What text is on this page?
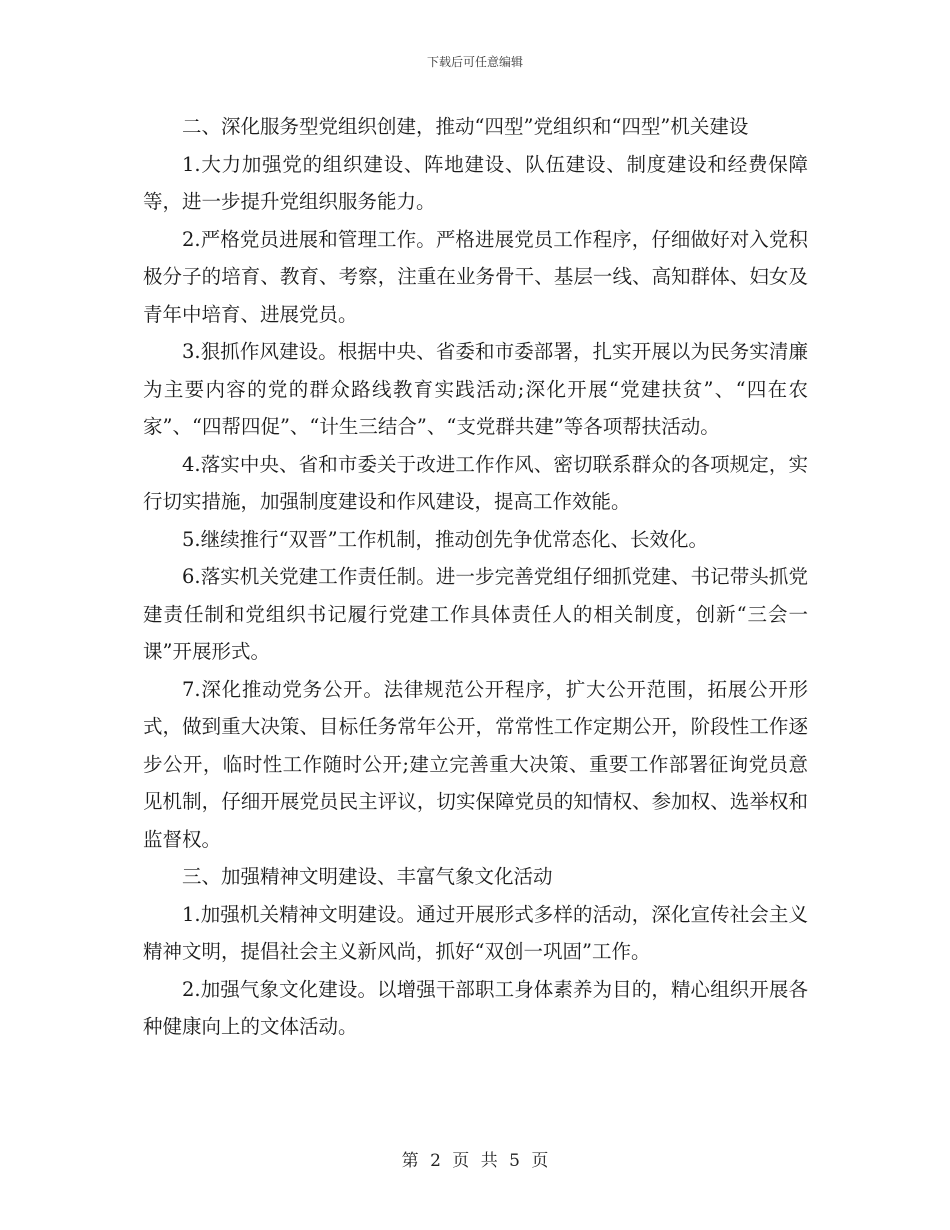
下载后可任意编辑

二、深化服务型党组织创建，推动“四型”党组织和“四型”机关建设

1.大力加强党的组织建设、阵地建设、队伍建设、制度建设和经费保障等，进一步提升党组织服务能力。

2.严格党员进展和管理工作。严格进展党员工作程序，仔细做好对入党积极分子的培育、教育、考察，注重在业务骨干、基层一线、高知群体、妇女及青年中培育、进展党员。

3.狠抓作风建设。根据中央、省委和市委部署，扎实开展以为民务实清廉为主要内容的党的群众路线教育实践活动;深化开展“党建扶贫”、“四在农家”、“四帮四促”、“计生三结合”、“支党群共建”等各项帮扶活动。

4.落实中央、省和市委关于改进工作作风、密切联系群众的各项规定，实行切实措施，加强制度建设和作风建设，提高工作效能。

5.继续推行“双晋”工作机制，推动创先争优常态化、长效化。

6.落实机关党建工作责任制。进一步完善党组仔细抓党建、书记带头抓党建责任制和党组织书记履行党建工作具体责任人的相关制度，创新“三会一课”开展形式。

7.深化推动党务公开。法律规范公开程序，扩大公开范围，拓展公开形式，做到重大决策、目标任务常年公开，常常性工作定期公开，阶段性工作逐步公开，临时性工作随时公开;建立完善重大决策、重要工作部署征询党员意见机制，仔细开展党员民主评议，切实保障党员的知情权、参加权、选举权和监督权。

三、加强精神文明建设、丰富气象文化活动

1.加强机关精神文明建设。通过开展形式多样的活动，深化宣传社会主义精神文明，提倡社会主义新风尚，抓好“双创一巩固”工作。

2.加强气象文化建设。以增强干部职工身体素养为目的，精心组织开展各种健康向上的文体活动。

第 2 页 共 5 页
